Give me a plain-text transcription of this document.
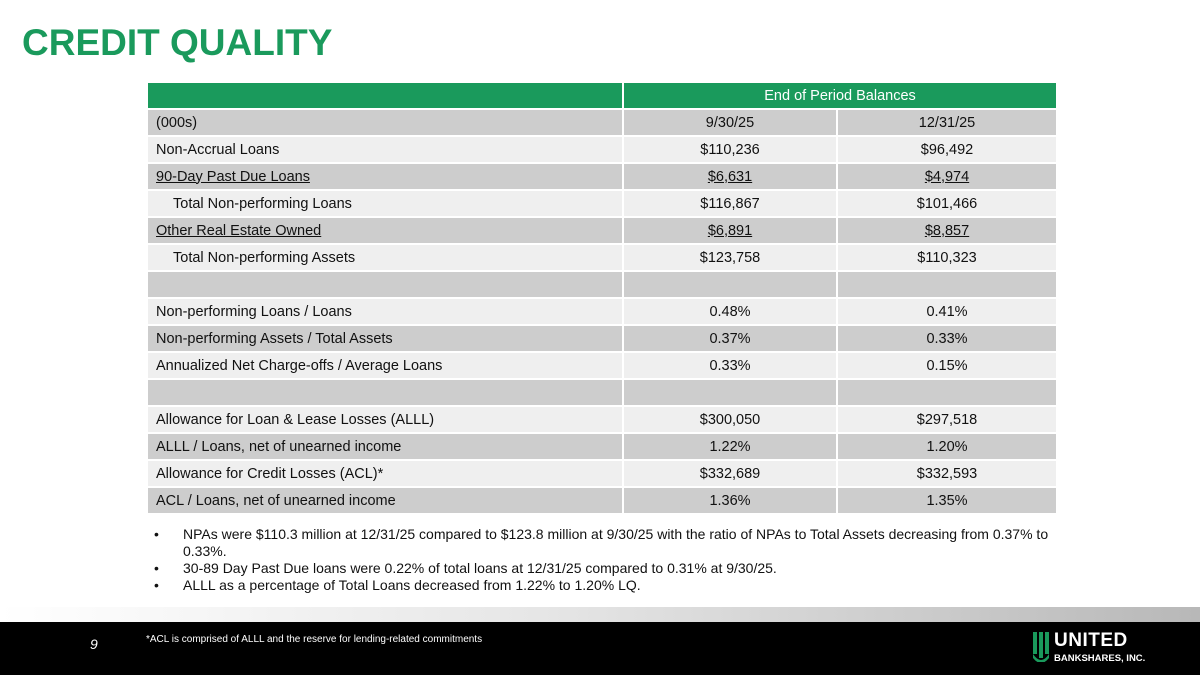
CREDIT QUALITY
	End of Period Balances	
(000s)	9/30/25	12/31/25
Non-Accrual Loans	$110,236	$96,492
90-Day Past Due Loans	$6,631	$4,974
Total Non-performing Loans	$116,867	$101,466
Other Real Estate Owned	$6,891	$8,857
Total Non-performing Assets	$123,758	$110,323

Non-performing Loans / Loans	0.48%	0.41%
Non-performing Assets / Total Assets	0.37%	0.33%
Annualized Net Charge-offs / Average Loans	0.33%	0.15%

Allowance for Loan & Lease Losses (ALLL)	$300,050	$297,518
ALLL / Loans, net of unearned income	1.22%	1.20%
Allowance for Credit Losses (ACL)*	$332,689	$332,593
ACL / Loans, net of unearned income	1.36%	1.35%
• NPAs were $110.3 million at 12/31/25 compared to $123.8 million at 9/30/25 with the ratio of NPAs to Total Assets decreasing from 0.37% to 0.33%.
• 30-89 Day Past Due loans were 0.22% of total loans at 12/31/25 compared to 0.31% at 9/30/25.
• ALLL as a percentage of Total Loans decreased from 1.22% to 1.20% LQ.
9	*ACL is comprised of ALLL and the reserve for lending-related commitments	UNITED
BANKSHARES, INC.
